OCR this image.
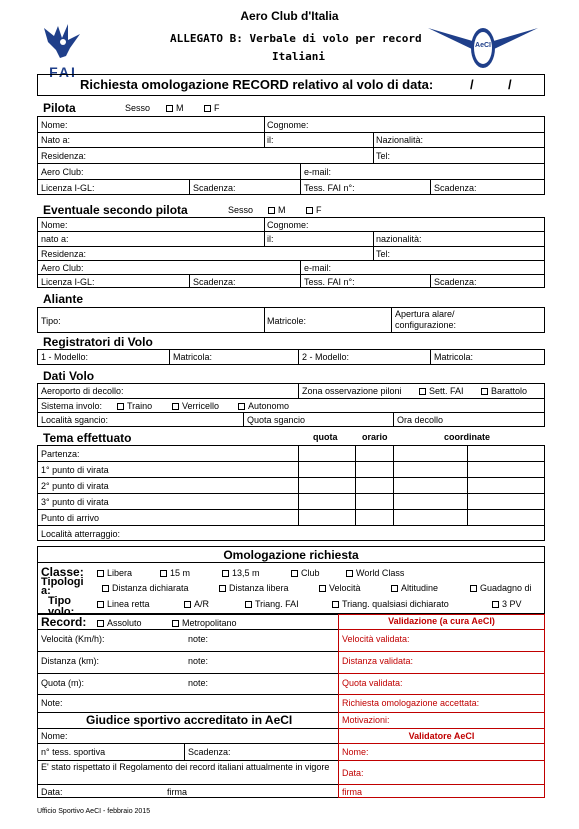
FAI
Aero Club d'Italia
ALLEGATO B: Verbale di volo per record
Italiani
AeCI
Richiesta omologazione RECORD relativo al volo di data:	/	/
Pilota	Sesso	M	F
Nome:	Cognome:
Nato a:	il:	Nazionalità:
Residenza:	Tel:
Aero Club:	e-mail:
Licenza I-GL:	Scadenza:	Tess. FAI n°:	Scadenza:
Eventuale secondo pilota	Sesso	M	F
Nome:	Cognome:
nato a:	il:	nazionalità:
Residenza:	Tel:
Aero Club:	e-mail:
Licenza I-GL:	Scadenza:	Tess. FAI n°:	Scadenza:
Aliante
Tipo:	Matricole:
Apertura alare/
configurazione:
Registratori di Volo
1 - Modello:	Matricola:	2 - Modello:	Matricola:
Dati Volo
Aeroporto di decollo:	Zona osservazione piloni	Sett. FAI	Barattolo
Sistema involo:	Traino	Verricello	Autonomo
Località sgancio:	Quota sgancio	Ora decollo
Tema effettuato	quota	orario	coordinate
Partenza:
1° punto di virata
2° punto di virata
3° punto di virata
Punto di arrivo
Località atterraggio:
Omologazione richiesta
Classe:	Libera	15 m	13,5 m	Club	World Class
Tipologi a:	Distanza dichiarata	Distanza libera	Velocità	Altitudine	Guadagno di
Tipo volo:
Linea retta	A/R	Triang. FAI	Triang. qualsiasi dichiarato	3 PV
Record:	Assoluto	Metropolitano
Velocità (Km/h):	note:
Distanza (km):	note:
Quota (m):	note:
Note:
Giudice sportivo accreditato in AeCI
Nome:
n° tess. sportiva	Scadenza:
E' stato rispettato il Regolamento dei record italiani attualmente in vigore
Data:	firma
Validazione (a cura AeCI)
Velocità validata:
Distanza validata:
Quota validata:
Richiesta omologazione accettata:
Motivazioni:
Validatore AeCI
Nome:
Data:
firma
Ufficio Sportivo AeCI - febbraio 2015
